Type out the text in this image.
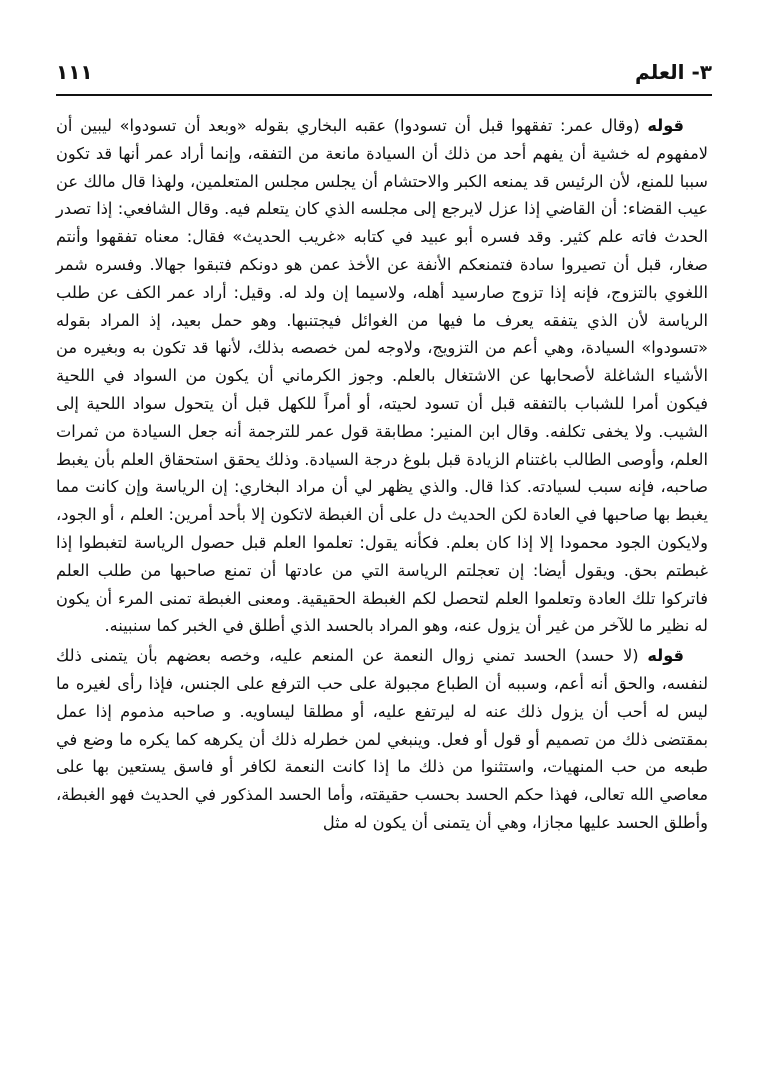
٣- العلم
١١١

قوله (وقال عمر: تفقهوا قبل أن تسودوا) عقبه البخاري بقوله «وبعد أن تسودوا» ليبين أن لامفهوم له خشية أن يفهم أحد من ذلك أن السيادة مانعة من التفقه، وإنما أراد عمر أنها قد تكون سببا للمنع، لأن الرئيس قد يمنعه الكبر والاحتشام أن يجلس مجلس المتعلمين، ولهذا قال مالك عن عيب القضاء: أن القاضي إذا عزل لايرجع إلى مجلسه الذي كان يتعلم فيه. وقال الشافعي: إذا تصدر الحدث فاته علم كثير. وقد فسره أبو عبيد في كتابه «غريب الحديث» فقال: معناه تفقهوا وأنتم صغار، قبل أن تصيروا سادة فتمنعكم الأنفة عن الأخذ عمن هو دونكم فتبقوا جهالا. وفسره شمر اللغوي بالتزوج، فإنه إذا تزوج صارسيد أهله، ولاسيما إن ولد له. وقيل: أراد عمر الكف عن طلب الرياسة لأن الذي يتفقه يعرف ما فيها من الغوائل فيجتنبها. وهو حمل بعيد، إذ المراد بقوله «تسودوا» السيادة، وهي أعم من التزويج، ولاوجه لمن خصصه بذلك، لأنها قد تكون به وبغيره من الأشياء الشاغلة لأصحابها عن الاشتغال بالعلم. وجوز الكرماني أن يكون من السواد في اللحية فيكون أمرا للشباب بالتفقه قبل أن تسود لحيته، أو أمراً للكهل قبل أن يتحول سواد اللحية إلى الشيب. ولا يخفى تكلفه. وقال ابن المنير: مطابقة قول عمر للترجمة أنه جعل السيادة من ثمرات العلم، وأوصى الطالب باغتنام الزيادة قبل بلوغ درجة السيادة. وذلك يحقق استحقاق العلم بأن يغبط صاحبه، فإنه سبب لسيادته. كذا قال. والذي يظهر لي أن مراد البخاري: إن الرياسة وإن كانت مما يغبط بها صاحبها في العادة لكن الحديث دل على أن الغبطة لاتكون إلا بأحد أمرين: العلم ، أو الجود، ولايكون الجود محمودا إلا إذا كان بعلم. فكأنه يقول: تعلموا العلم قبل حصول الرياسة لتغبطوا إذا غبطتم بحق. ويقول أيضا: إن تعجلتم الرياسة التي من عادتها أن تمنع صاحبها من طلب العلم فاتركوا تلك العادة وتعلموا العلم لتحصل لكم الغبطة الحقيقية. ومعنى الغبطة تمنى المرء أن يكون له نظير ما للآخر من غير أن يزول عنه، وهو المراد بالحسد الذي أطلق في الخبر كما سنبينه.

قوله (لا حسد) الحسد تمني زوال النعمة عن المنعم عليه، وخصه بعضهم بأن يتمنى ذلك لنفسه، والحق أنه أعم، وسببه أن الطباع مجبولة على حب الترفع على الجنس، فإذا رأى لغيره ما ليس له أحب أن يزول ذلك عنه له ليرتفع عليه، أو مطلقا ليساويه. و صاحبه مذموم إذا عمل بمقتضى ذلك من تصميم أو قول أو فعل. وينبغي لمن خطرله ذلك أن يكرهه كما يكره ما وضع في طبعه من حب المنهيات، واستثنوا من ذلك ما إذا كانت النعمة لكافر أو فاسق يستعين بها على معاصي الله تعالى، فهذا حكم الحسد بحسب حقيقته، وأما الحسد المذكور في الحديث فهو الغبطة، وأطلق الحسد عليها مجازا، وهي أن يتمنى أن يكون له مثل
